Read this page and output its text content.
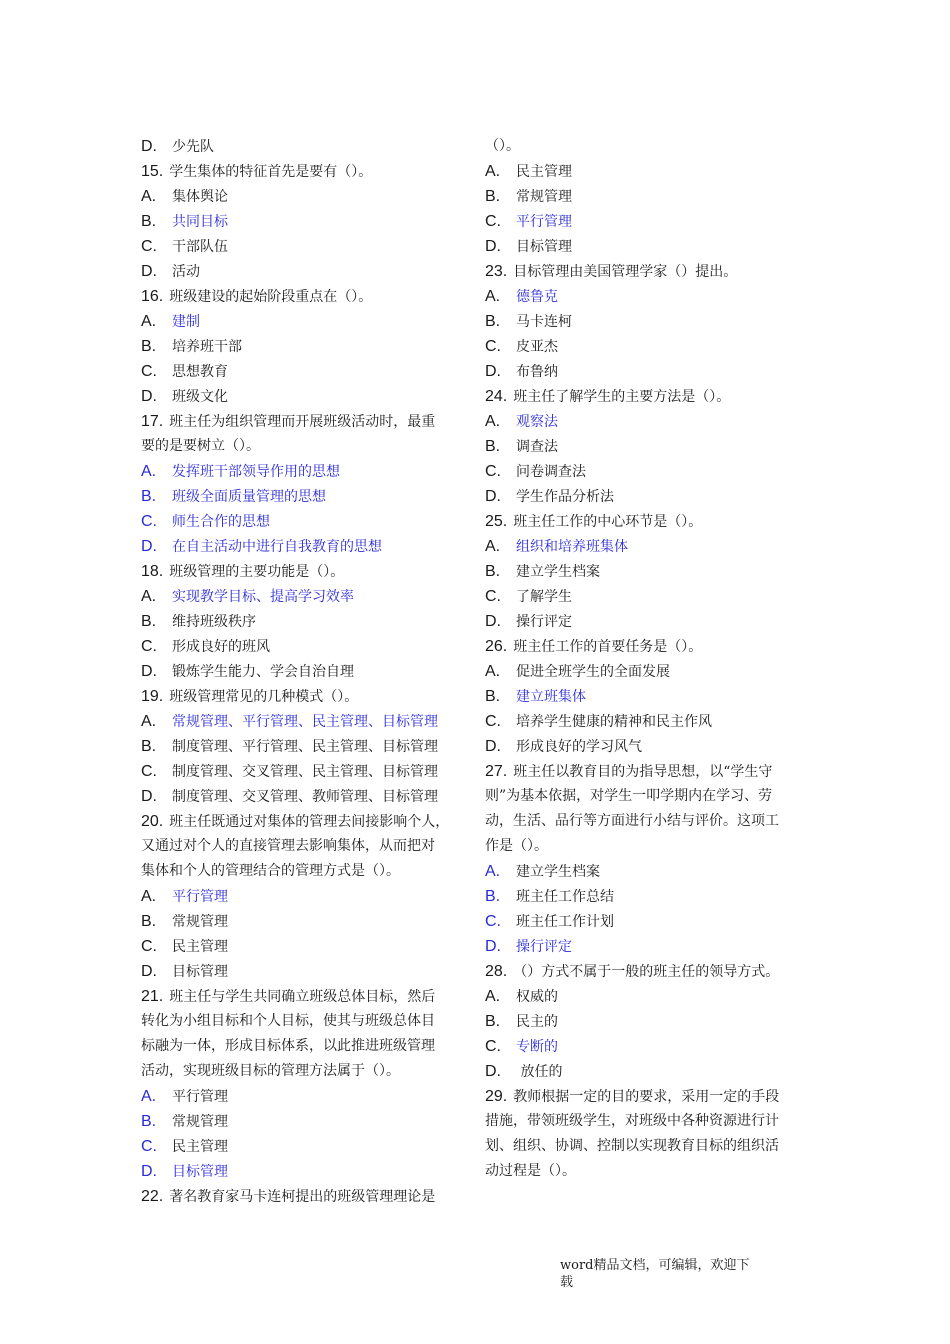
D. 少先队
15. 学生集体的特征首先是要有（）。
A. 集体舆论
B. 共同目标
C. 干部队伍
D. 活动
16. 班级建设的起始阶段重点在（）。
A. 建制
B. 培养班干部
C. 思想教育
D. 班级文化
17. 班主任为组织管理而开展班级活动时，最重
要的是要树立（）。
A. 发挥班干部领导作用的思想
B. 班级全面质量管理的思想
C. 师生合作的思想
D. 在自主活动中进行自我教育的思想
18. 班级管理的主要功能是（）。
A. 实现教学目标、提高学习效率
B. 维持班级秩序
C. 形成良好的班风
D. 锻炼学生能力、学会自治自理
19. 班级管理常见的几种模式（）。
A. 常规管理、平行管理、民主管理、目标管理
B. 制度管理、平行管理、民主管理、目标管理
C. 制度管理、交叉管理、民主管理、目标管理
D. 制度管理、交叉管理、教师管理、目标管理
20. 班主任既通过对集体的管理去间接影响个人，
又通过对个人的直接管理去影响集体，从而把对
集体和个人的管理结合的管理方式是（）。
A. 平行管理
B. 常规管理
C. 民主管理
D. 目标管理
21. 班主任与学生共同确立班级总体目标，然后
转化为小组目标和个人目标，使其与班级总体目
标融为一体，形成目标体系，以此推进班级管理
活动，实现班级目标的管理方法属于（）。
A. 平行管理
B. 常规管理
C. 民主管理
D. 目标管理
22. 著名教育家马卡连柯提出的班级管理理论是
（）。
A. 民主管理
B. 常规管理
C. 平行管理
D. 目标管理
23. 目标管理由美国管理学家（）提出。
A. 德鲁克
B. 马卡连柯
C. 皮亚杰
D. 布鲁纳
24. 班主任了解学生的主要方法是（）。
A. 观察法
B. 调查法
C. 问卷调查法
D. 学生作品分析法
25. 班主任工作的中心环节是（）。
A. 组织和培养班集体
B. 建立学生档案
C. 了解学生
D. 操行评定
26. 班主任工作的首要任务是（）。
A. 促进全班学生的全面发展
B. 建立班集体
C. 培养学生健康的精神和民主作风
D. 形成良好的学习风气
27. 班主任以教育目的为指导思想，以“学生守
则”为基本依据，对学生一叩学期内在学习、劳
动，生活、品行等方面进行小结与评价。这项工
作是（）。
A. 建立学生档案
B. 班主任工作总结
C. 班主任工作计划
D. 操行评定
28. （）方式不属于一般的班主任的领导方式。
A. 权威的
B. 民主的
C. 专断的
D. 放任的
29. 教师根据一定的目的要求，采用一定的手段
措施，带领班级学生，对班级中各种资源进行计
划、组织、协调、控制以实现教育目标的组织活
动过程是（）。
word精品文档，可编辑，欢迎下
载
